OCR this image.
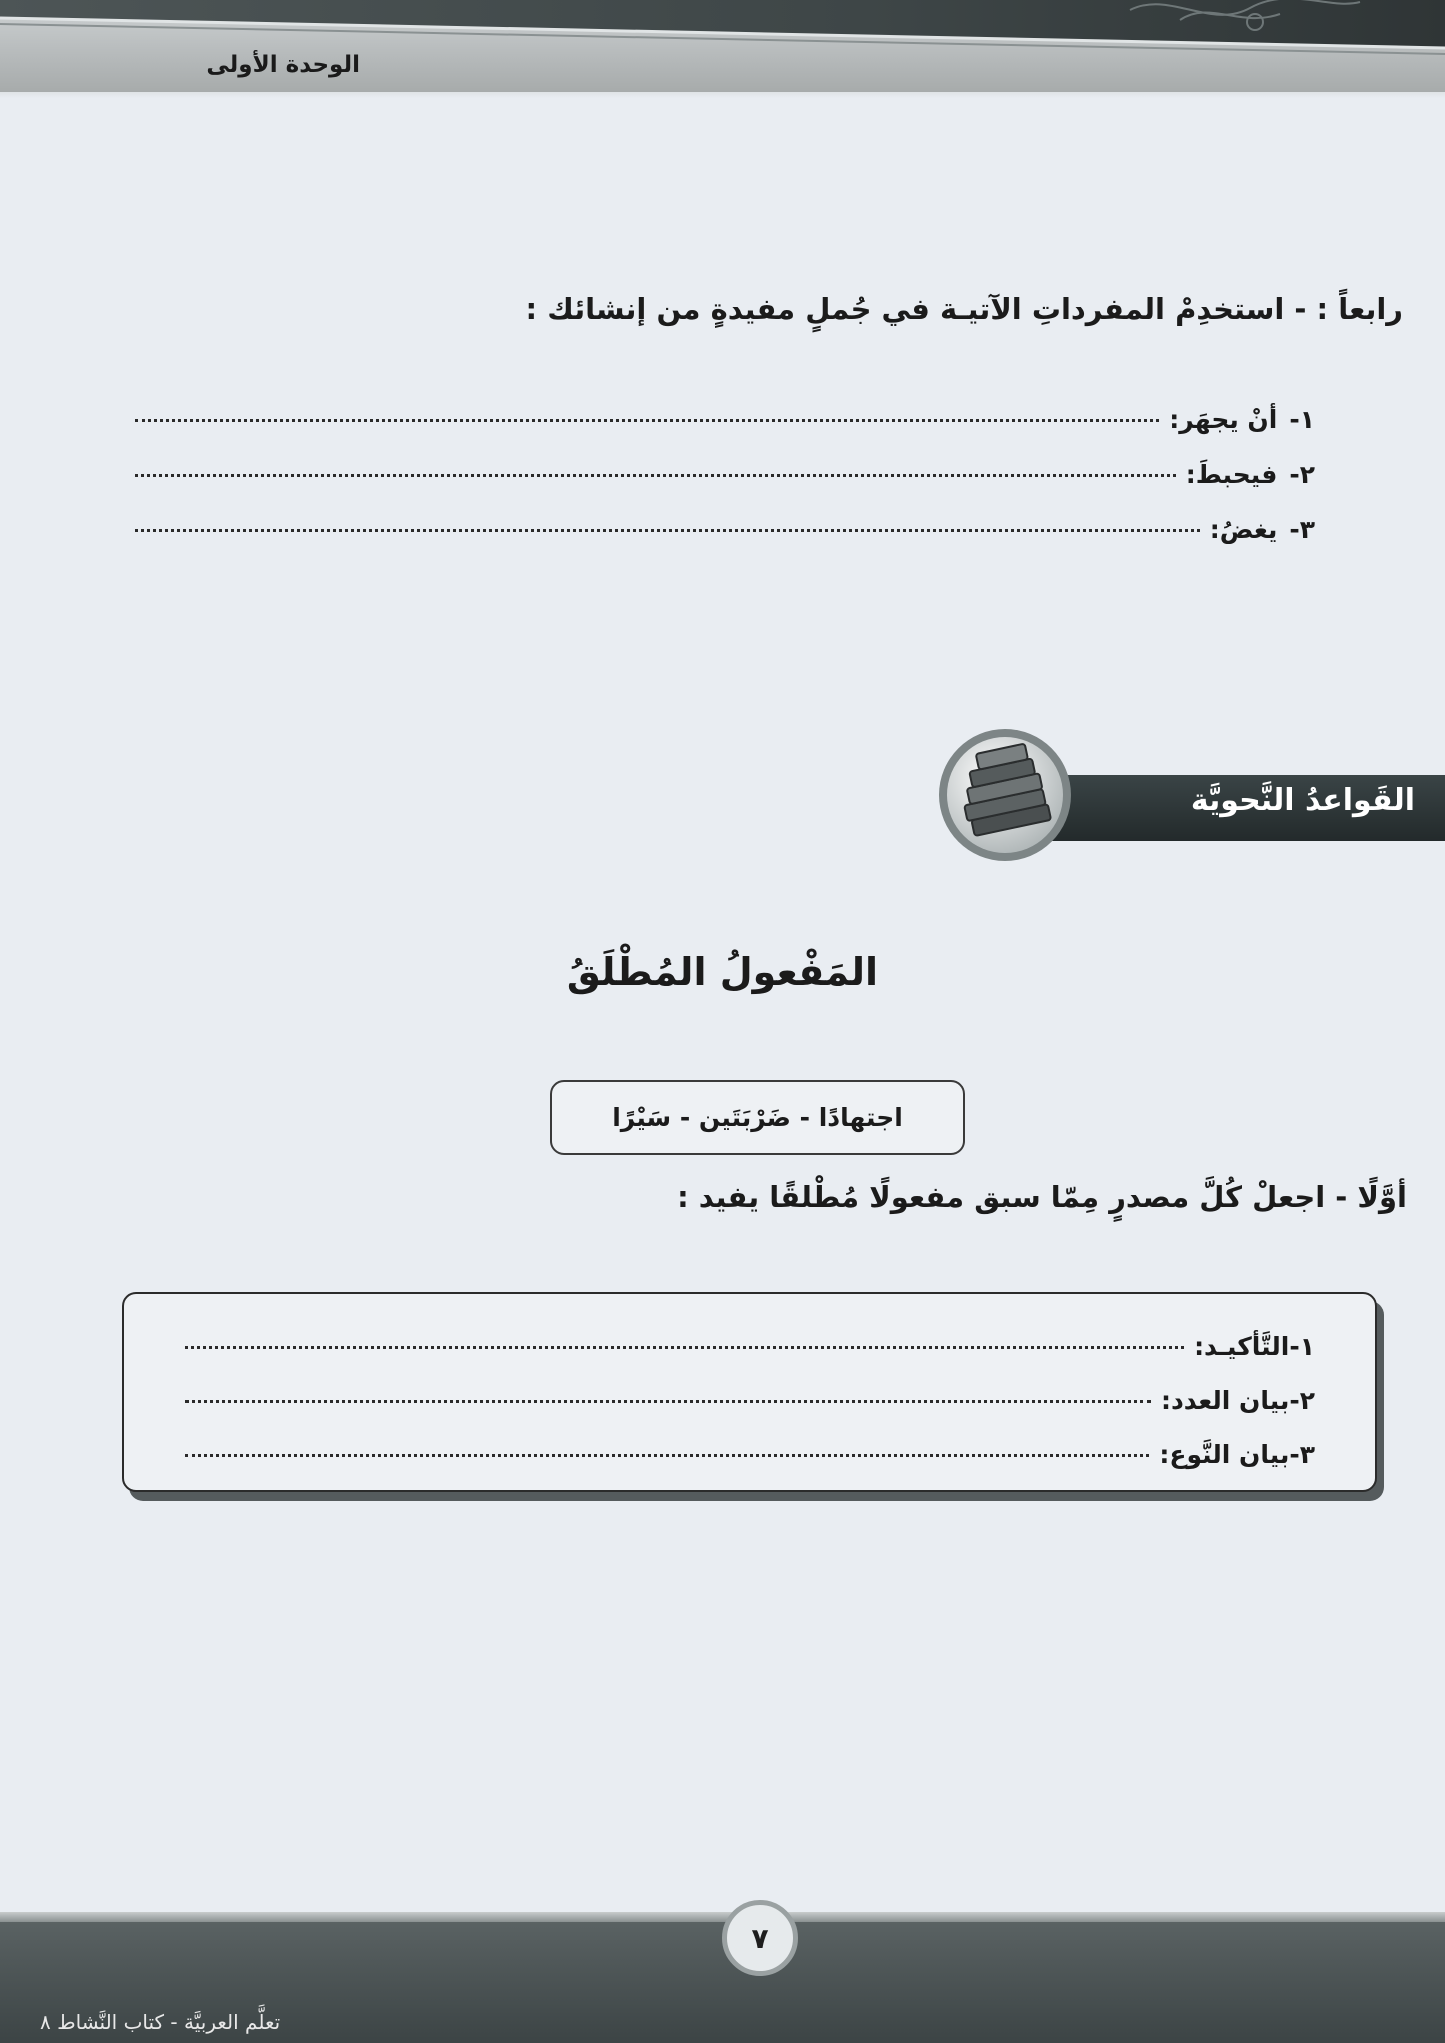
الوحدة الأولى
رابعاً : - استخدِمْ المفرداتِ الآتيـة في جُملٍ مفيدةٍ من إنشائك :
١-
أنْ يجهَر:
٢-
فيحبطَ:
٣-
يغضُ:
القَواعدُ النَّحويَّة
المَفْعولُ المُطْلَقُ
اجتهادًا - ضَرْبَتَين - سَيْرًا
أوَّلًا - اجعلْ كُلَّ مصدرٍ مِمّا سبق مفعولًا مُطْلقًا يفيد :
١-
التَّأكيـد:
٢-
بيان العدد:
٣-
بيان النَّوع:
٧
تعلَّم العربيَّة - كتاب النَّشاط ٨
